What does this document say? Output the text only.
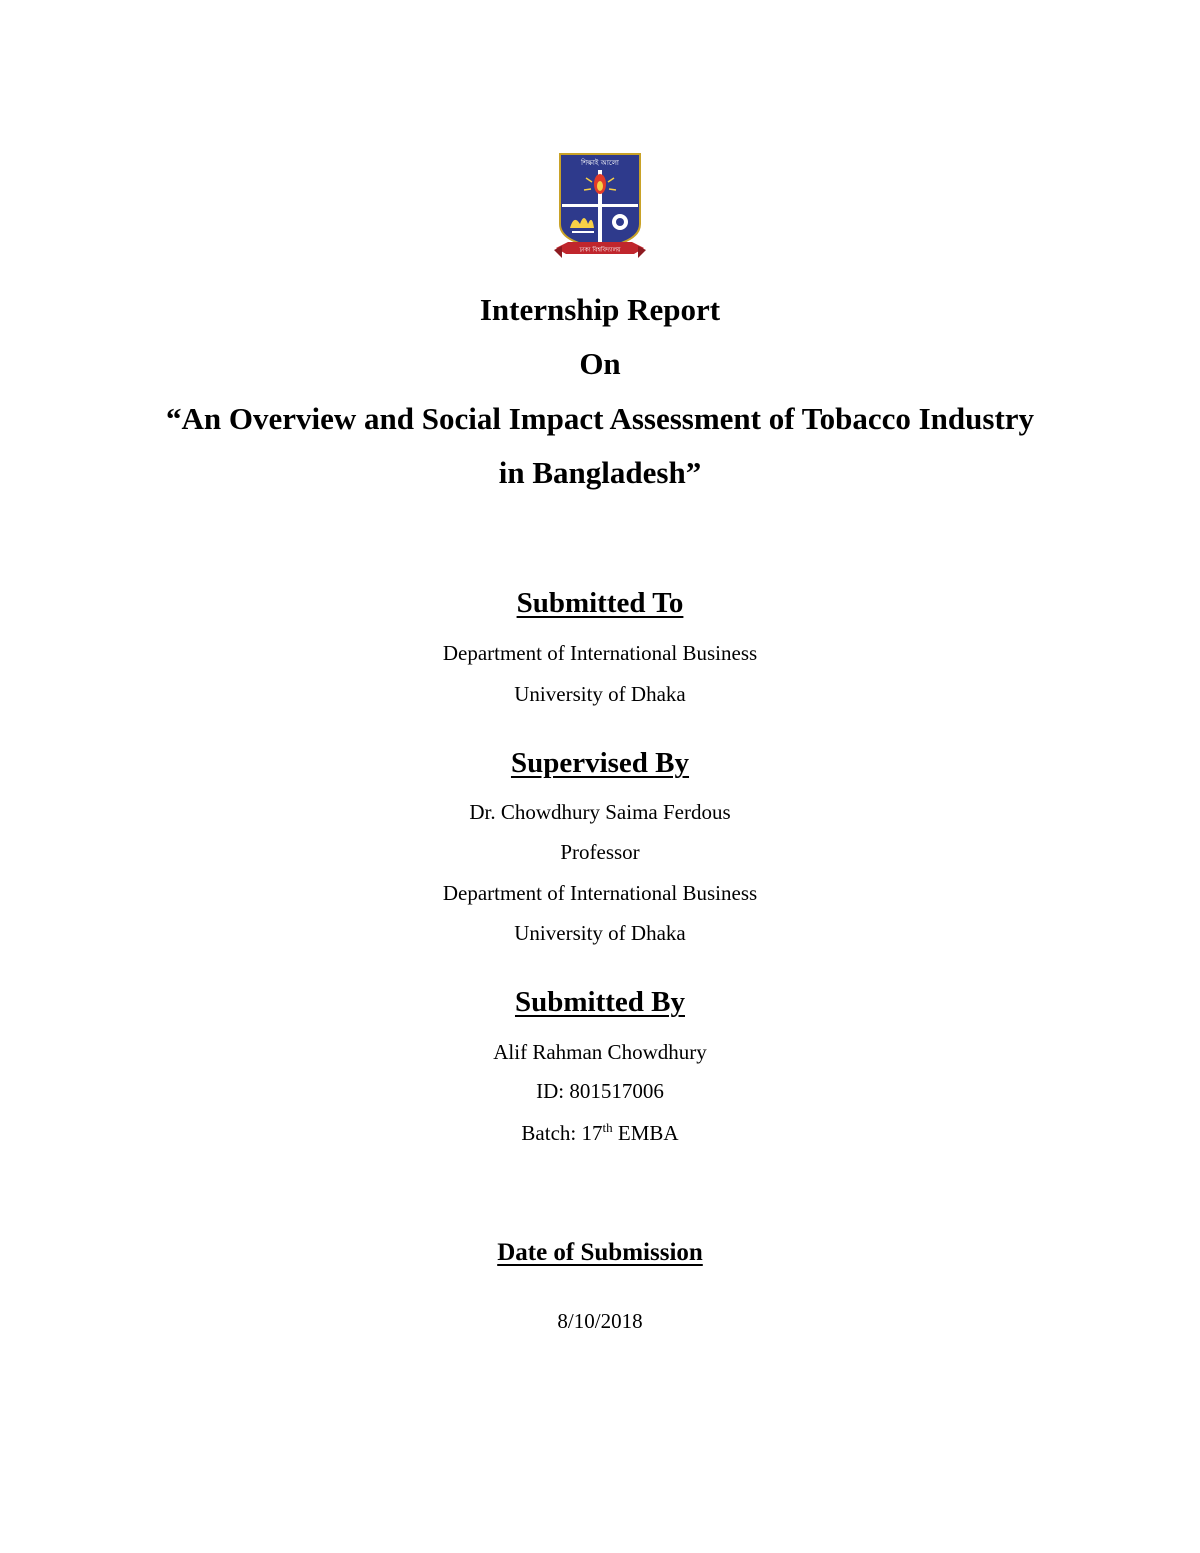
শিক্ষাই আলো
ঢাকা বিশ্ববিদ্যালয়
Internship Report
On
“An Overview and Social Impact Assessment of Tobacco Industry
in Bangladesh”
Submitted To
Department of International Business
University of Dhaka
Supervised By
Dr. Chowdhury Saima Ferdous
Professor
Department of International Business
University of Dhaka
Submitted By
Alif Rahman Chowdhury
ID: 801517006
Batch: 17th EMBA
Date of Submission
8/10/2018
